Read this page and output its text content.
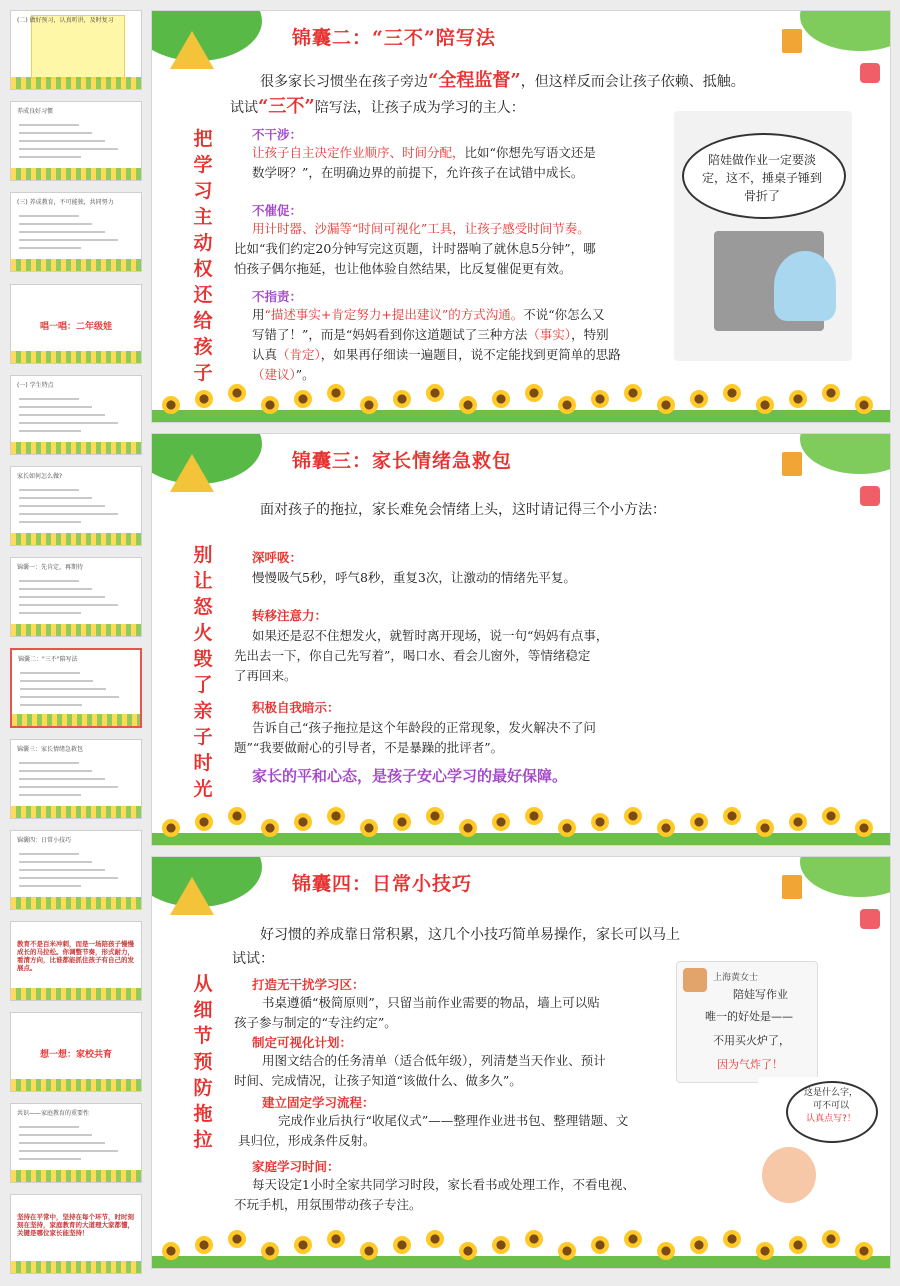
(二) 做好预习，认真听讲，及时复习
养成良好习惯
(三) 养成教育，不可能独，共同努力
唱一唱：二年级娃
(一) 学生特点
家长如何怎么做?
锦囊一：先肯定，再期待
锦囊二："三不"陪写法
锦囊三：家长情绪急救包
锦囊四：日常小技巧
教育不是百米冲刺，而是一场陪孩子慢慢成长的马拉松。你调整节奏，形式耐力，看清方向，比谁都能抓住孩子有自己的发展点。
想一想：家校共育
共识——家庭教育的重要性
坚持在平常中，坚持在每个环节，时时刻刻在坚持，家庭教育的大道理大家都懂，关键是哪位家长能坚持！
锦囊二：“三不”陪写法
把学习主动权还给孩子
很多家长习惯坐在孩子旁边“全程监督”，但这样反而会让孩子依赖、抵触。
试试“三不”陪写法，让孩子成为学习的主人：
不干涉：
让孩子自主决定作业顺序、时间分配，比如“你想先写语文还是
数学呀？”，在明确边界的前提下，允许孩子在试错中成长。
不催促：
用计时器、沙漏等“时间可视化”工具，让孩子感受时间节奏。
比如“我们约定20分钟写完这页题，计时器响了就休息5分钟”，哪
怕孩子偶尔拖延，也让他体验自然结果，比反复催促更有效。
不指责：
用“描述事实+肯定努力+提出建议”的方式沟通。不说“你怎么又
写错了！”，而是“妈妈看到你这道题试了三种方法（事实），特别
认真（肯定），如果再仔细读一遍题目，说不定能找到更简单的思路
（建议）”。
陪娃做作业一定要淡定，这不，捶桌子锤到骨折了
锦囊三：家长情绪急救包
别让怒火毁了亲子时光
面对孩子的拖拉，家长难免会情绪上头，这时请记得三个小方法：
深呼吸：
慢慢吸气5秒，呼气8秒，重复3次，让激动的情绪先平复。
转移注意力：
如果还是忍不住想发火，就暂时离开现场，说一句“妈妈有点事，
先出去一下，你自己先写着”，喝口水、看会儿窗外，等情绪稳定
了再回来。
积极自我暗示：
告诉自己“孩子拖拉是这个年龄段的正常现象，发火解决不了问
题”“我要做耐心的引导者，不是暴躁的批评者”。
家长的平和心态，是孩子安心学习的最好保障。
锦囊四：日常小技巧
从细节预防拖拉
好习惯的养成靠日常积累，这几个小技巧简单易操作，家长可以马上
试试：
打造无干扰学习区：
书桌遵循“极简原则”，只留当前作业需要的物品，墙上可以贴
孩子参与制定的“专注约定”。
制定可视化计划：
用图文结合的任务清单（适合低年级），列清楚当天作业、预计
时间、完成情况，让孩子知道“该做什么、做多久”。
建立固定学习流程：
完成作业后执行“收尾仪式”——整理作业进书包、整理错题、文
具归位，形成条件反射。
家庭学习时间：
每天设定1小时全家共同学习时段，家长看书或处理工作，不看电视、
不玩手机，用氛围带动孩子专注。
上海黄女士
陪娃写作业
唯一的好处是——
不用买火炉了，
因为气炸了！
这是什么字，
可不可以
认真点写?！
